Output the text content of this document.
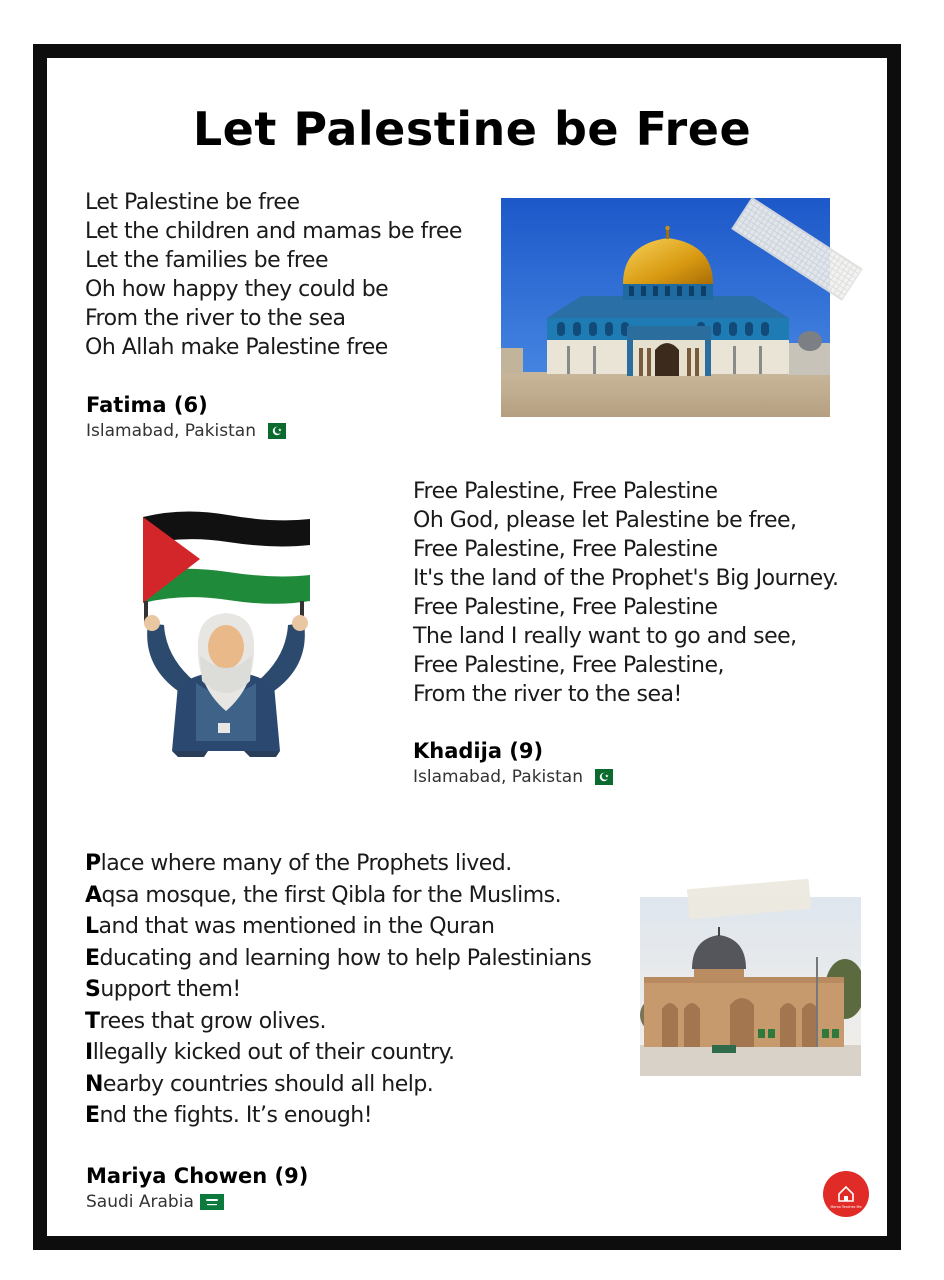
Let Palestine be Free
Let Palestine be free
Let the children and mamas be free
Let the families be free
Oh how happy they could be
From the river to the sea
Oh Allah make Palestine free
Fatima (6)
Islamabad, Pakistan
Free Palestine, Free Palestine
Oh God, please let Palestine be free,
Free Palestine, Free Palestine
It's the land of the Prophet's Big Journey.
Free Palestine, Free Palestine
The land I really want to go and see,
Free Palestine, Free Palestine,
From the river to the sea!
Khadija (9)
Islamabad, Pakistan
Place where many of the Prophets lived.
Aqsa mosque, the first Qibla for the Muslims.
Land that was mentioned in the Quran
Educating and learning how to help Palestinians
Support them!
Trees that grow olives.
Illegally kicked out of their country.
Nearby countries should all help.
End the fights. It’s enough!
Mariya Chowen (9)
Saudi Arabia	Mama Teaches Me
